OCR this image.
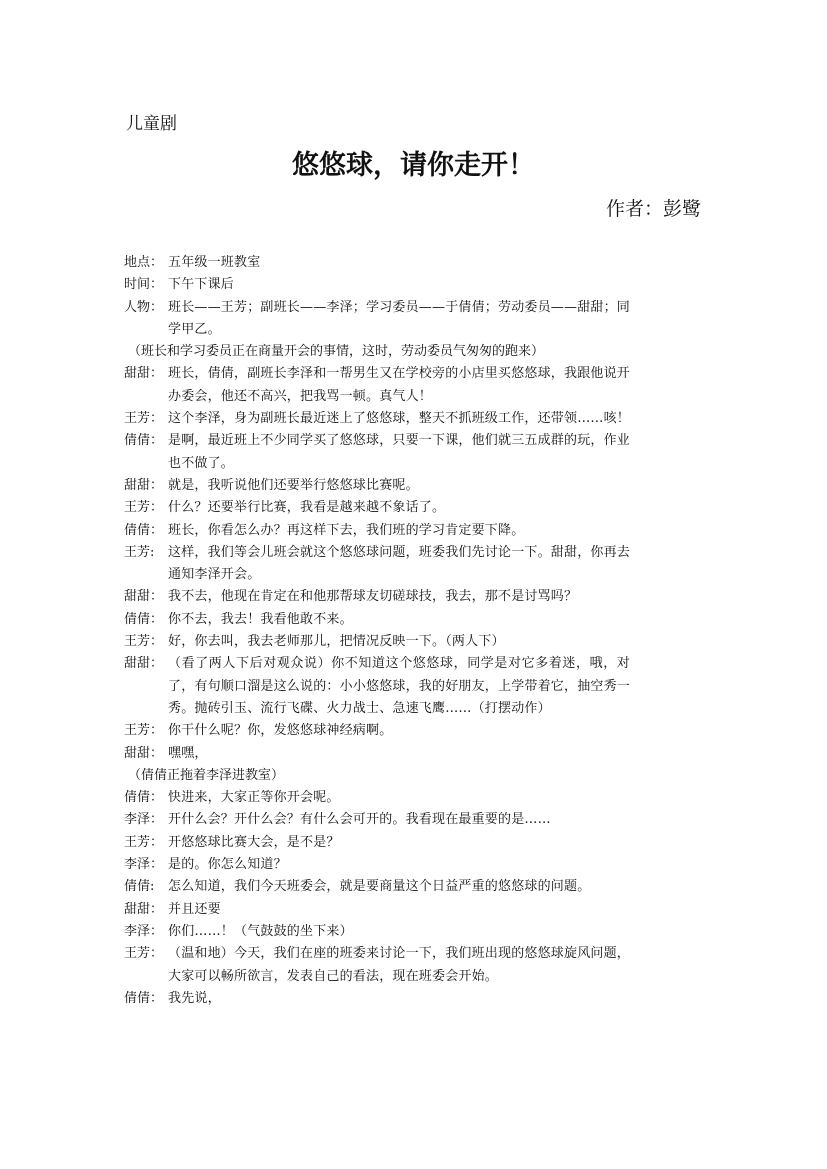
儿童剧
悠悠球，请你走开！
作者：彭鹭
地点： 五年级一班教室
时间： 下午下课后
人物： 班长——王芳；副班长——李泽；学习委员——于倩倩；劳动委员——甜甜；同学甲乙。
（班长和学习委员正在商量开会的事情，这时，劳动委员气匆匆的跑来）
甜甜： 班长，倩倩，副班长李泽和一帮男生又在学校旁的小店里买悠悠球，我跟他说开办委会，他还不高兴，把我骂一顿。真气人！
王芳： 这个李泽，身为副班长最近迷上了悠悠球，整天不抓班级工作，还带领……咳！
倩倩： 是啊，最近班上不少同学买了悠悠球，只要一下课，他们就三五成群的玩，作业也不做了。
甜甜： 就是，我听说他们还要举行悠悠球比赛呢。
王芳： 什么？还要举行比赛，我看是越来越不象话了。
倩倩： 班长，你看怎么办？再这样下去，我们班的学习肯定要下降。
王芳:	这样，我们等会儿班会就这个悠悠球问题，班委我们先讨论一下。甜甜，你再去通知李泽开会。
甜甜： 我不去，他现在肯定在和他那帮球友切磋球技，我去，那不是讨骂吗？
倩倩： 你不去，我去！我看他敢不来。
王芳： 好，你去叫，我去老师那儿，把情况反映一下。（两人下）
甜甜： （看了两人下后对观众说）你不知道这个悠悠球，同学是对它多着迷，哦，对了，有句顺口溜是这么说的：小小悠悠球，我的好朋友，上学带着它，抽空秀一秀。抛砖引玉、流行飞碟、火力战士、急速飞鹰……（打摆动作）
王芳： 你干什么呢？你，发悠悠球神经病啊。
甜甜： 嘿嘿，
（倩倩正拖着李泽进教室）
倩倩： 快进来，大家正等你开会呢。
李泽： 开什么会？开什么会？有什么会可开的。我看现在最重要的是……
王芳： 开悠悠球比赛大会，是不是？
李泽： 是的。你怎么知道？
倩倩:	怎么知道，我们今天班委会，就是要商量这个日益严重的悠悠球的问题。
甜甜： 并且还要
李泽： 你们……！（气鼓鼓的坐下来）
王芳： （温和地）今天，我们在座的班委来讨论一下，我们班出现的悠悠球旋风问题，大家可以畅所欲言，发表自己的看法，现在班委会开始。
倩倩： 我先说，
